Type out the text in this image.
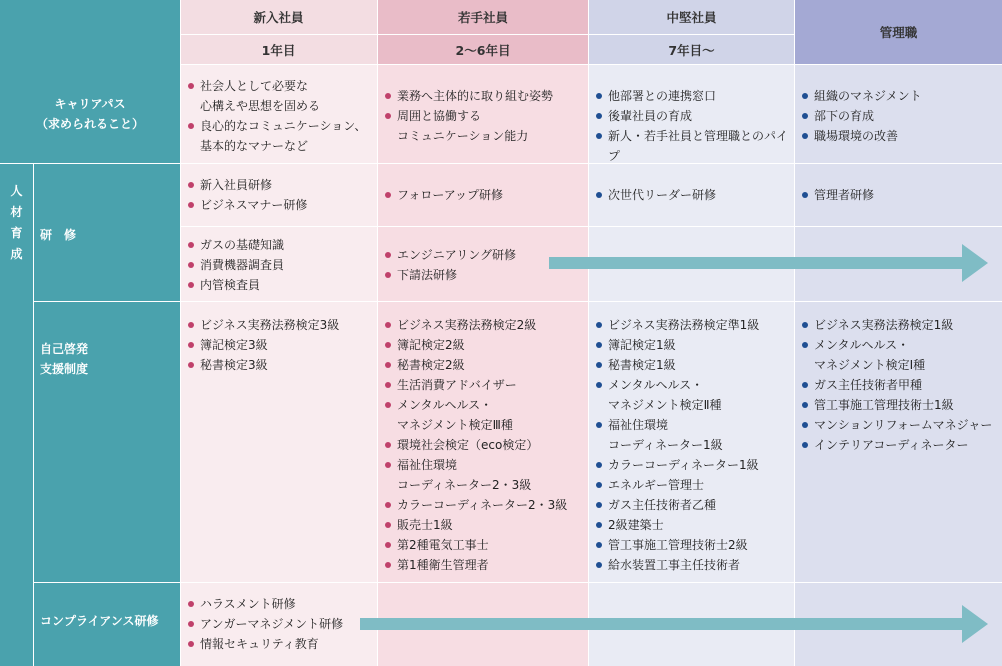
新入社員
1年目
若手社員
2～6年目
中堅社員
7年目～
管理職
キャリアパス
（求められること）
人
材
育
成
研　修

自己啓発
支援制度

コンプライアンス研修
社会人として必要な
心構えや思想を固める
良心的なコミュニケーション、
基本的なマナーなど
業務へ主体的に取り組む姿勢
周囲と協働する
コミュニケーション能力
他部署との連携窓口
後輩社員の育成
新人・若手社員と管理職とのパイプ
組織のマネジメント
部下の育成
職場環境の改善
新入社員研修
ビジネスマナー研修
フォローアップ研修	次世代リーダー研修	管理者研修
ガスの基礎知識
消費機器調査員
内管検査員
エンジニアリング研修
下請法研修
ビジネス実務法務検定3級
簿記検定3級
秘書検定3級
ビジネス実務法務検定2級
簿記検定2級
秘書検定2級
生活消費アドバイザー
メンタルヘルス・
マネジメント検定Ⅲ種
環境社会検定（eco検定）
福祉住環境
コーディネーター2・3級
カラーコーディネーター2・3級
販売士1級
第2種電気工事士
第1種衛生管理者
ビジネス実務法務検定準1級
簿記検定1級
秘書検定1級
メンタルヘルス・
マネジメント検定Ⅱ種
福祉住環境
コーディネーター1級
カラーコーディネーター1級
エネルギー管理士
ガス主任技術者乙種
2級建築士
管工事施工管理技術士2級
給水装置工事主任技術者
ビジネス実務法務検定1級
メンタルヘルス・
マネジメント検定Ⅰ種
ガス主任技術者甲種
管工事施工管理技術士1級
マンションリフォームマネジャー
インテリアコーディネーター
ハラスメント研修
アンガーマネジメント研修
情報セキュリティ教育
